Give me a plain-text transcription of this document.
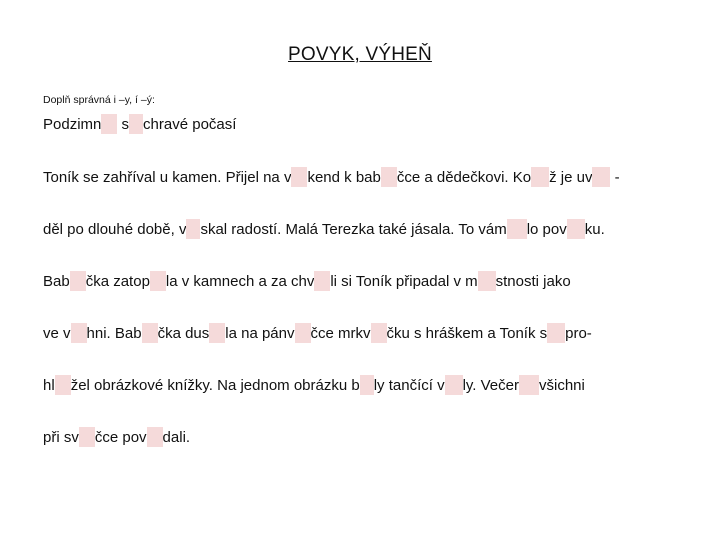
POVYK, VÝHEŇ
Doplň správná i –y, í –ý:
Podzimn s chravé počasí
Toník se zahříval u kamen. Přijel na v kend k bab čce a dědečkovi. Ko ž je uv -
děl po dlouhé době, v skal radostí. Malá Terezka také jásala. To vám lo pov ku.
Bab čka zatop la v kamnech a za chv li si Toník připadal v m stnosti jako
ve v hni. Bab čka dus la na pánv čce mrkv čku s hráškem a Toník s pro-
hl žel obrázkové knížky. Na jednom obrázku b ly tančící v ly. Večer všichni
při sv čce pov dali.
